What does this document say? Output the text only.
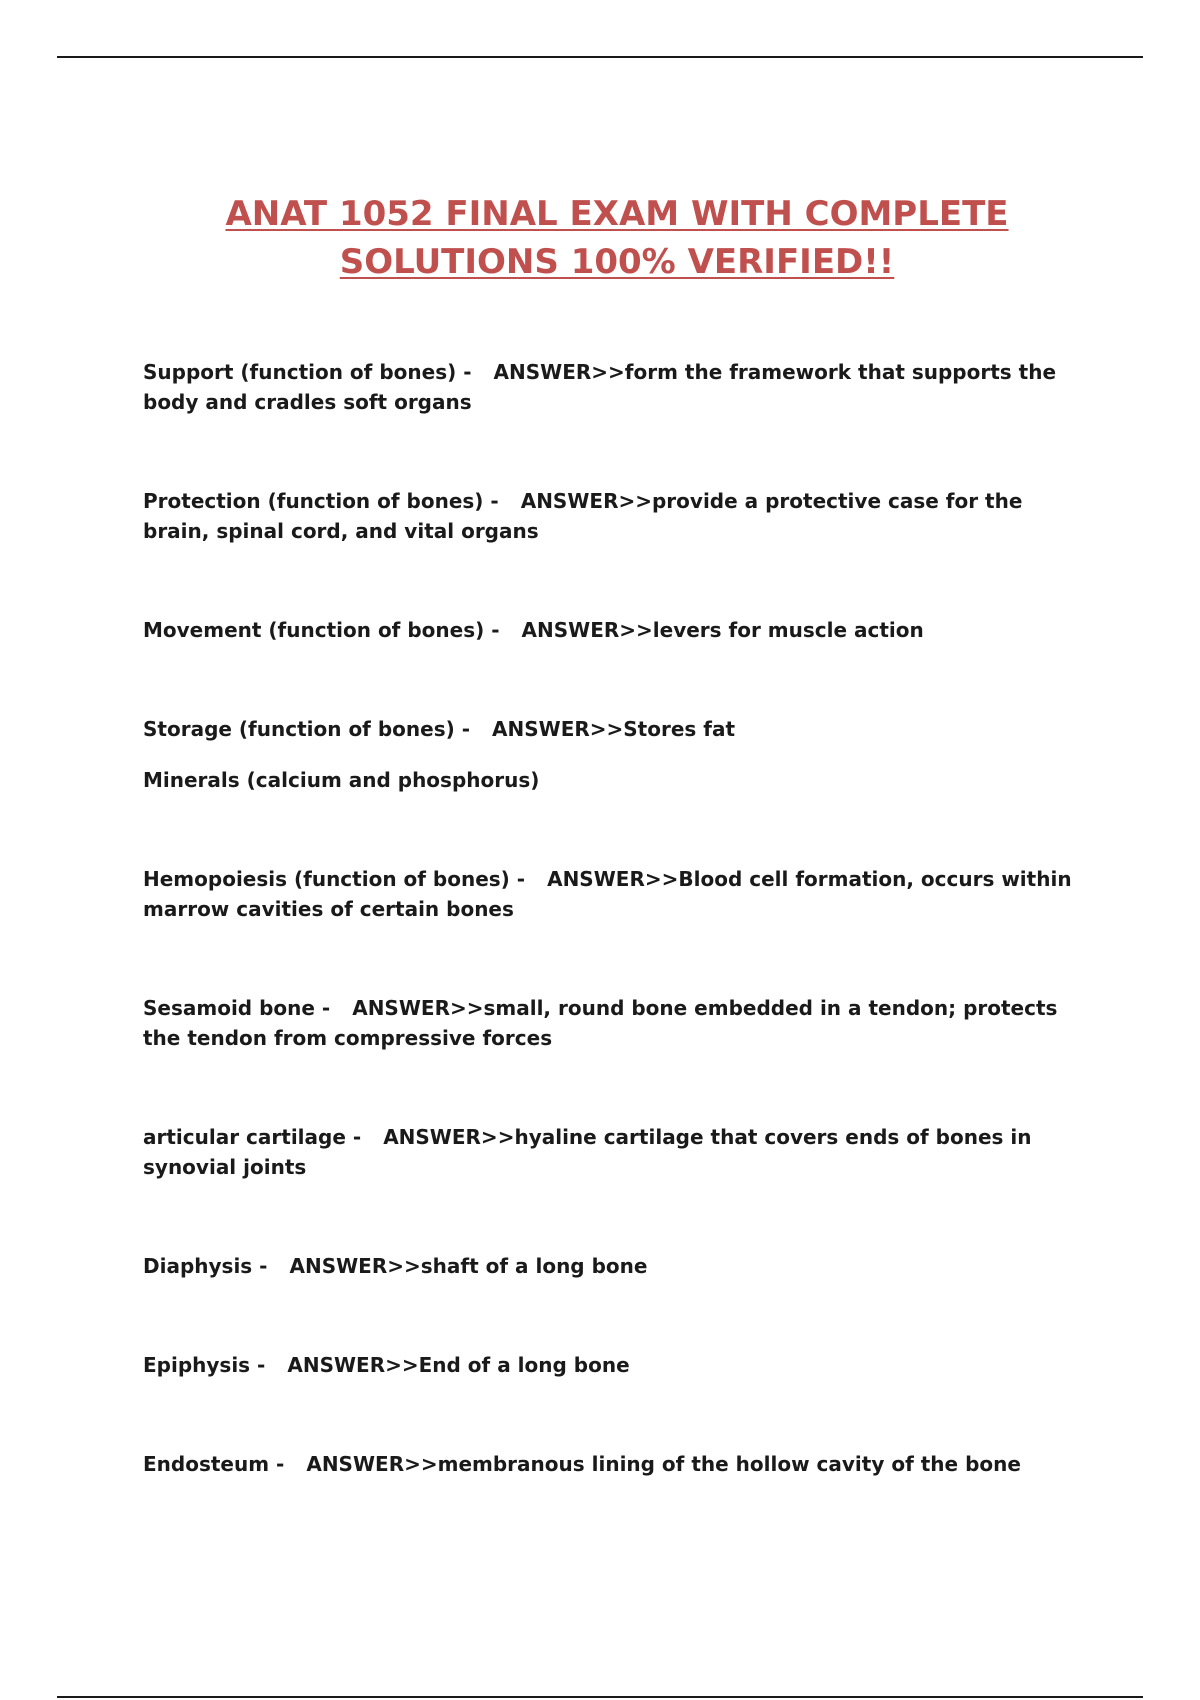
ANAT 1052 FINAL EXAM WITH COMPLETE
SOLUTIONS 100% VERIFIED!!
Support (function of bones) - ANSWER>>form the framework that supports the body and cradles soft organs
Protection (function of bones) - ANSWER>>provide a protective case for the brain, spinal cord, and vital organs
Movement (function of bones) - ANSWER>>levers for muscle action
Storage (function of bones) - ANSWER>>Stores fat
Minerals (calcium and phosphorus)
Hemopoiesis (function of bones) - ANSWER>>Blood cell formation, occurs within marrow cavities of certain bones
Sesamoid bone - ANSWER>>small, round bone embedded in a tendon; protects the tendon from compressive forces
articular cartilage - ANSWER>>hyaline cartilage that covers ends of bones in synovial joints
Diaphysis - ANSWER>>shaft of a long bone
Epiphysis - ANSWER>>End of a long bone
Endosteum - ANSWER>>membranous lining of the hollow cavity of the bone
